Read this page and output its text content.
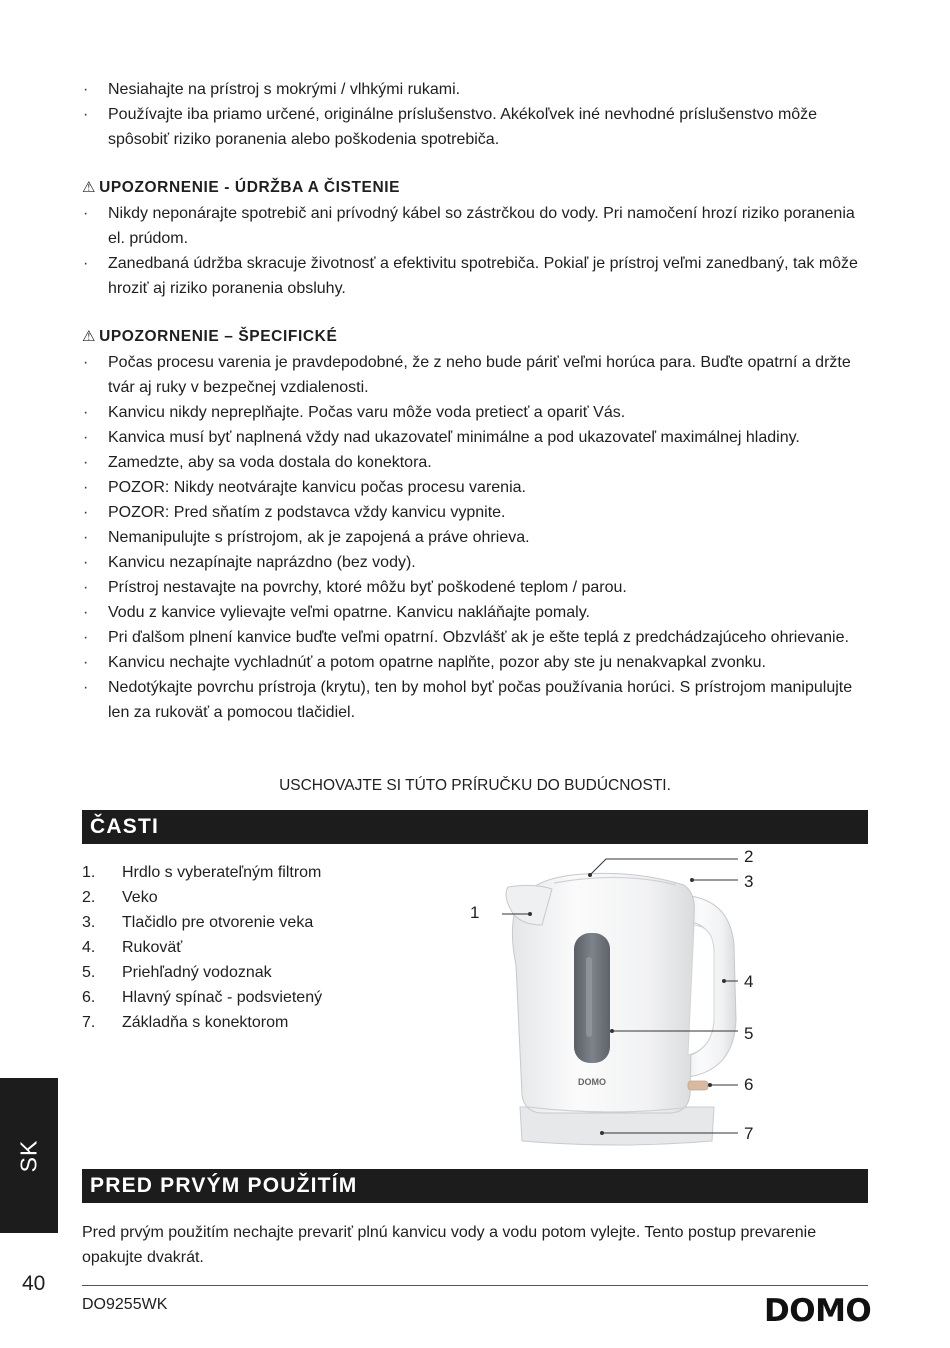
· Nesiahajte na prístroj s mokrými / vlhkými rukami.
· Používajte iba priamo určené, originálne príslušenstvo. Akékoľvek iné nevhodné príslušenstvo môže spôsobiť riziko poranenia alebo poškodenia spotrebiča.
⚠ UPOZORNENIE - ÚDRŽBA A ČISTENIE
· Nikdy neponárajte spotrebič ani prívodný kábel so zástrčkou do vody. Pri namočení hrozí riziko poranenia el. prúdom.
· Zanedbaná údržba skracuje životnosť a efektivitu spotrebiča. Pokiaľ je prístroj veľmi zanedbaný, tak môže hroziť aj riziko poranenia obsluhy.
⚠ UPOZORNENIE – ŠPECIFICKÉ
· Počas procesu varenia je pravdepodobné, že z neho bude páriť veľmi horúca para. Buďte opatrní a držte tvár aj ruky v bezpečnej vzdialenosti.
· Kanvicu nikdy nepreplňajte. Počas varu môže voda pretiecť a opariť Vás.
· Kanvica musí byť naplnená vždy nad ukazovateľ minimálne a pod ukazovateľ maximálnej hladiny.
· Zamedzte, aby sa voda dostala do konektora.
· POZOR: Nikdy neotvárajte kanvicu počas procesu varenia.
· POZOR: Pred sňatím z podstavca vždy kanvicu vypnite.
· Nemanipulujte s prístrojom, ak je zapojená a práve ohrieva.
· Kanvicu nezapínajte naprázdno (bez vody).
· Prístroj nestavajte na povrchy, ktoré môžu byť poškodené teplom / parou.
· Vodu z kanvice vylievajte veľmi opatrne. Kanvicu nakláňajte pomaly.
· Pri ďalšom plnení kanvice buďte veľmi opatrní. Obzvlášť ak je ešte teplá z predchádzajúceho ohrievanie.
· Kanvicu nechajte vychladnúť a potom opatrne naplňte, pozor aby ste ju nenakvapkal zvonku.
· Nedotýkajte povrchu prístroja (krytu), ten by mohol byť počas používania horúci. S prístrojom manipulujte len za rukoväť a pomocou tlačidiel.
USCHOVAJTE SI TÚTO PRÍRUČKU DO BUDÚCNOSTI.
ČASTI
1. Hrdlo s vyberateľným filtrom
2. Veko
3. Tlačidlo pre otvorenie veka
4. Rukoväť
5. Priehľadný vodoznak
6. Hlavný spínač - podsvietený
7. Základňa s konektorom
DOMO
1
2
3
4
5
6
7
PRED PRVÝM POUŽITÍM

Pred prvým použitím nechajte prevariť plnú kanvicu vody a vodu potom vylejte. Tento postup prevarenie opakujte dvakrát.

SK
40
DO9255WK	DOMO
